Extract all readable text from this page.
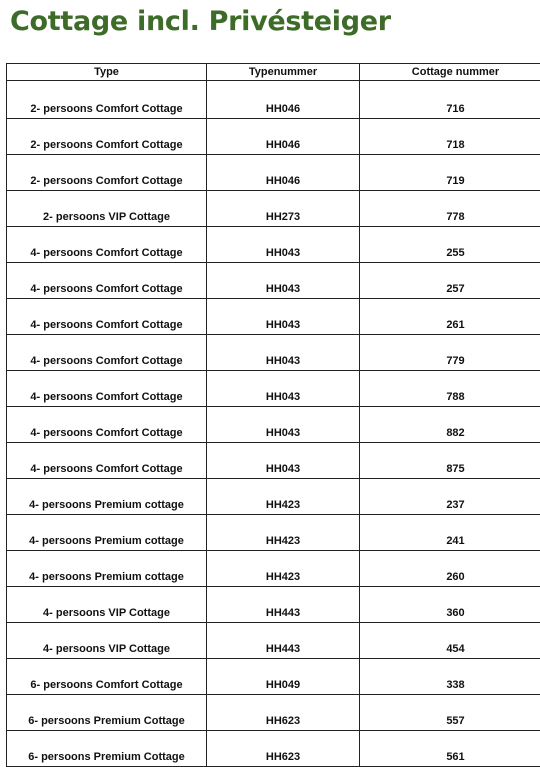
Cottage incl. Privésteiger
Type	Typenummer	Cottage nummer
2- persoons Comfort Cottage	HH046	716
2- persoons Comfort Cottage	HH046	718
2- persoons Comfort Cottage	HH046	719
2- persoons VIP Cottage	HH273	778
4- persoons Comfort Cottage	HH043	255
4- persoons Comfort Cottage	HH043	257
4- persoons Comfort Cottage	HH043	261
4- persoons Comfort Cottage	HH043	779
4- persoons Comfort Cottage	HH043	788
4- persoons Comfort Cottage	HH043	882
4- persoons Comfort Cottage	HH043	875
4- persoons Premium cottage	HH423	237
4- persoons Premium cottage	HH423	241
4- persoons Premium cottage	HH423	260
4- persoons VIP Cottage	HH443	360
4- persoons VIP Cottage	HH443	454
6- persoons Comfort Cottage	HH049	338
6- persoons Premium Cottage	HH623	557
6- persoons Premium Cottage	HH623	561
